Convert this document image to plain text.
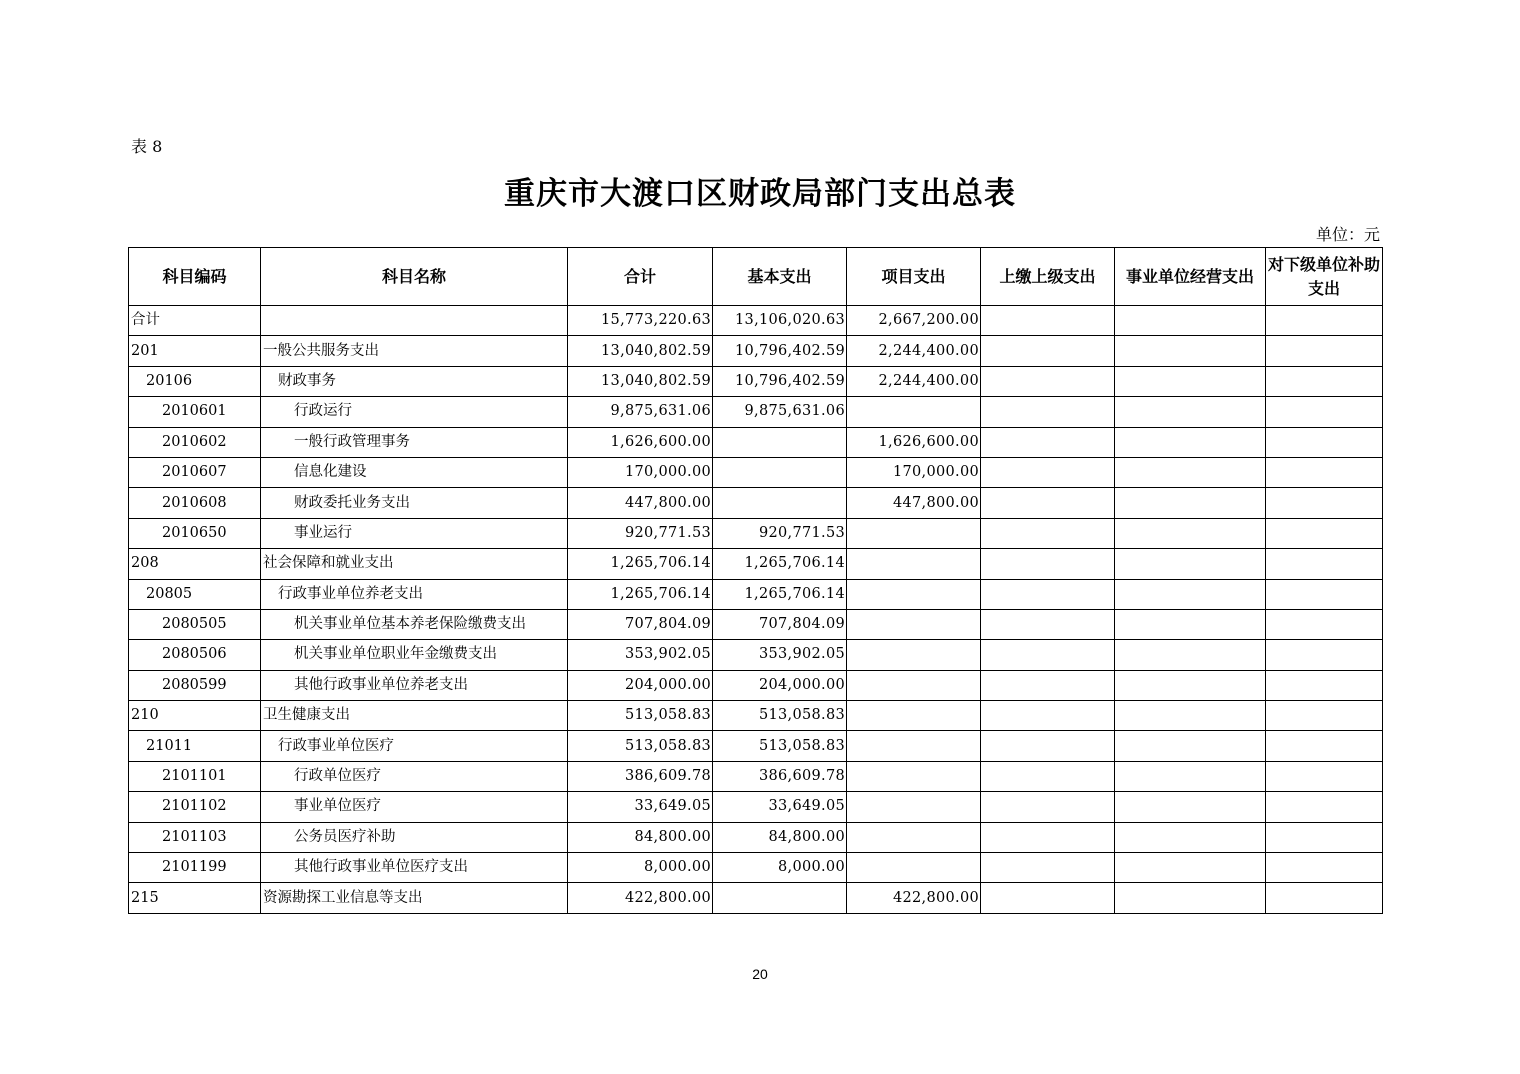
表 8
重庆市大渡口区财政局部门支出总表
单位：元
科目编码	科目名称	合计	基本支出	项目支出	上缴上级支出	事业单位经营支出	对下级单位补助支出
合计		15,773,220.63	13,106,020.63	2,667,200.00			
201	一般公共服务支出	13,040,802.59	10,796,402.59	2,244,400.00			
20106	财政事务	13,040,802.59	10,796,402.59	2,244,400.00			
2010601	行政运行	9,875,631.06	9,875,631.06				
2010602	一般行政管理事务	1,626,600.00		1,626,600.00			
2010607	信息化建设	170,000.00		170,000.00			
2010608	财政委托业务支出	447,800.00		447,800.00			
2010650	事业运行	920,771.53	920,771.53				
208	社会保障和就业支出	1,265,706.14	1,265,706.14				
20805	行政事业单位养老支出	1,265,706.14	1,265,706.14				
2080505	机关事业单位基本养老保险缴费支出	707,804.09	707,804.09				
2080506	机关事业单位职业年金缴费支出	353,902.05	353,902.05				
2080599	其他行政事业单位养老支出	204,000.00	204,000.00				
210	卫生健康支出	513,058.83	513,058.83				
21011	行政事业单位医疗	513,058.83	513,058.83				
2101101	行政单位医疗	386,609.78	386,609.78				
2101102	事业单位医疗	33,649.05	33,649.05				
2101103	公务员医疗补助	84,800.00	84,800.00				
2101199	其他行政事业单位医疗支出	8,000.00	8,000.00				
215	资源勘探工业信息等支出	422,800.00		422,800.00			
20
